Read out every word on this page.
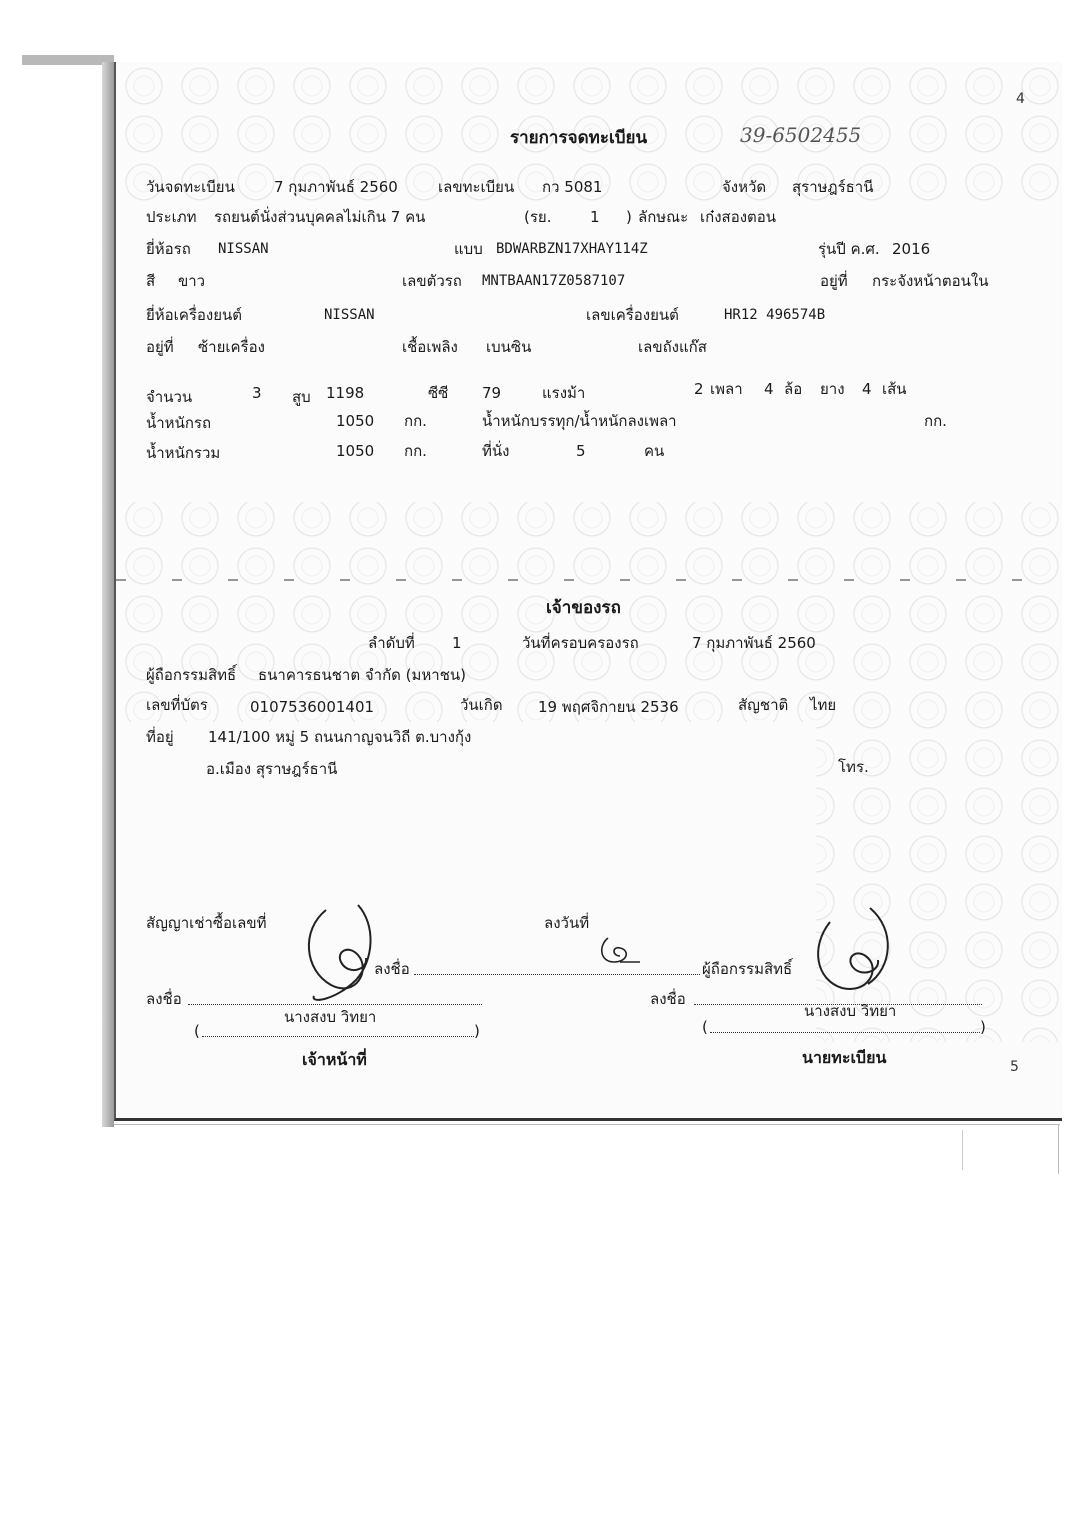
4
รายการจดทะเบียน	39-6502455
วันจดทะเบียน	7 กุมภาพันธ์ 2560	เลขทะเบียน กว 5081	จังหวัด สุราษฎร์ธานี
ประเภท รถยนต์นั่งส่วนบุคคลไม่เกิน 7 คน	(รย.	1 ) ลักษณะ เก๋งสองตอน
ยี่ห้อรถ NISSAN	แบบ BDWARBZN17XHAY114Z	รุ่นปี ค.ศ. 2016
สี ขาว	เลขตัวรถ MNTBAAN17Z0587107	อยู่ที่ กระจังหน้าตอนใน
ยี่ห้อเครื่องยนต์	NISSAN	เลขเครื่องยนต์	HR12 496574B
อยู่ที่ ซ้ายเครื่อง	เชื้อเพลิง เบนซิน	เลขถังแก๊ส
จำนวน	3 สูบ 1198	ซีซี 79	แรงม้า	2 เพลา 4 ล้อ ยาง 4 เส้น
น้ำหนักรถ	1050 กก.	น้ำหนักบรรทุก/น้ำหนักลงเพลา	กก.
น้ำหนักรวม	1050 กก.	ที่นั่ง	5	คน
เจ้าของรถ
ลำดับที่ 1	วันที่ครอบครองรถ	7 กุมภาพันธ์ 2560
ผู้ถือกรรมสิทธิ์ ธนาคารธนชาต จำกัด (มหาชน)
เลขที่บัตร	0107536001401	วันเกิด 19 พฤศจิกายน 2536	สัญชาติ ไทย
ที่อยู่ 141/100 หมู่ 5 ถนนกาญจนวิถี ต.บางกุ้ง
อ.เมือง สุราษฎร์ธานี	โทร.
สัญญาเช่าซื้อเลขที่	ลงวันที่
ลงชื่อ	ผู้ถือกรรมสิทธิ์
ลงชื่อ	ลงชื่อ
นางสงบ วิทยา	นางสงบ วิทยา
(	)	(	)
เจ้าหน้าที่	นายทะเบียน	5
